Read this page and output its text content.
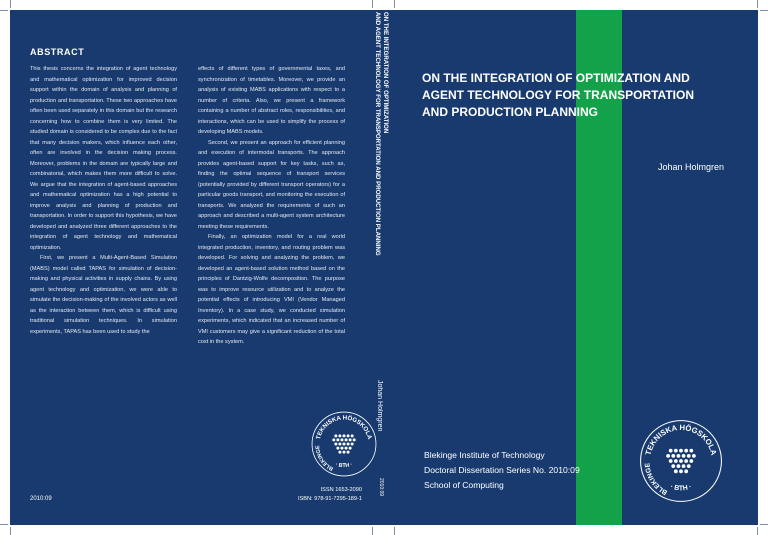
ABSTRACT

This thesis concerns the integration of agent technology and mathematical optimization for improved decision support within the domain of analysis and planning of production and transportation. These two approaches have often been used separately in this domain but the research concerning how to combine them is very limited. The studied domain is considered to be complex due to the fact that many decision makers, which influence each other, often are involved in the decision making process. Moreover, problems in the domain are typically large and combinatorial, which makes them more difficult to solve. We argue that the integration of agent-based approaches and mathematical optimization has a high potential to improve analysis and planning of production and transportation. In order to support this hypothesis, we have developed and analyzed three different approaches to the integration of agent technology and mathematical optimization.

First, we present a Multi-Agent-Based Simulation (MABS) model called TAPAS for simulation of decision-making and physical activities in supply chains. By using agent technology and optimization, we were able to simulate the decision-making of the involved actors as well as the interaction between them, which is difficult using traditional simulation techniques. In simulation experiments, TAPAS has been used to study the

effects of different types of governmental taxes, and synchronization of timetables. Moreover, we provide an analysis of existing MABS applications with respect to a number of criteria. Also, we present a framework containing a number of abstract roles, responsibilities, and interactions, which can be used to simplify the process of developing MABS models.

Second, we present an approach for efficient planning and execution of intermodal transports. The approach provides agent-based support for key tasks, such as, finding the optimal sequence of transport services (potentially provided by different transport operators) for a particular goods transport, and monitoring the execution of transports. We analyzed the requirements of such an approach and described a multi-agent system architecture meeting these requirements.

Finally, an optimization model for a real world integrated production, inventory, and routing problem was developed. For solving and analyzing the problem, we developed an agent-based solution method based on the principles of Dantzig-Wolfe decomposition. The purpose was to improve resource utilization and to analyze the potential effects of introducing VMI (Vendor Managed Inventory). In a case study, we conducted simulation experiments, which indicated that an increased number of VMI customers may give a significant reduction of the total cost in the system.

TEKNISKA HÖGSKOLA
BLEKINGE
· BTH ·
2010:09
ISSN 1653-2090
ISBN: 978-91-7295-189-1
ON THE INTEGRATION OF OPTIMIZATION
AND AGENT TECHNOLOGY FOR TRANSPORTATION AND PRODUCTION PLANNING
Johan Holmgren
2010:09
ON THE INTEGRATION OF OPTIMIZATION AND AGENT TECHNOLOGY FOR TRANSPORTATION AND PRODUCTION PLANNING
Johan Holmgren
Blekinge Institute of Technology
Doctoral Dissertation Series No. 2010:09
School of Computing
TEKNISKA HÖGSKOLA
BLEKINGE
· BTH ·
